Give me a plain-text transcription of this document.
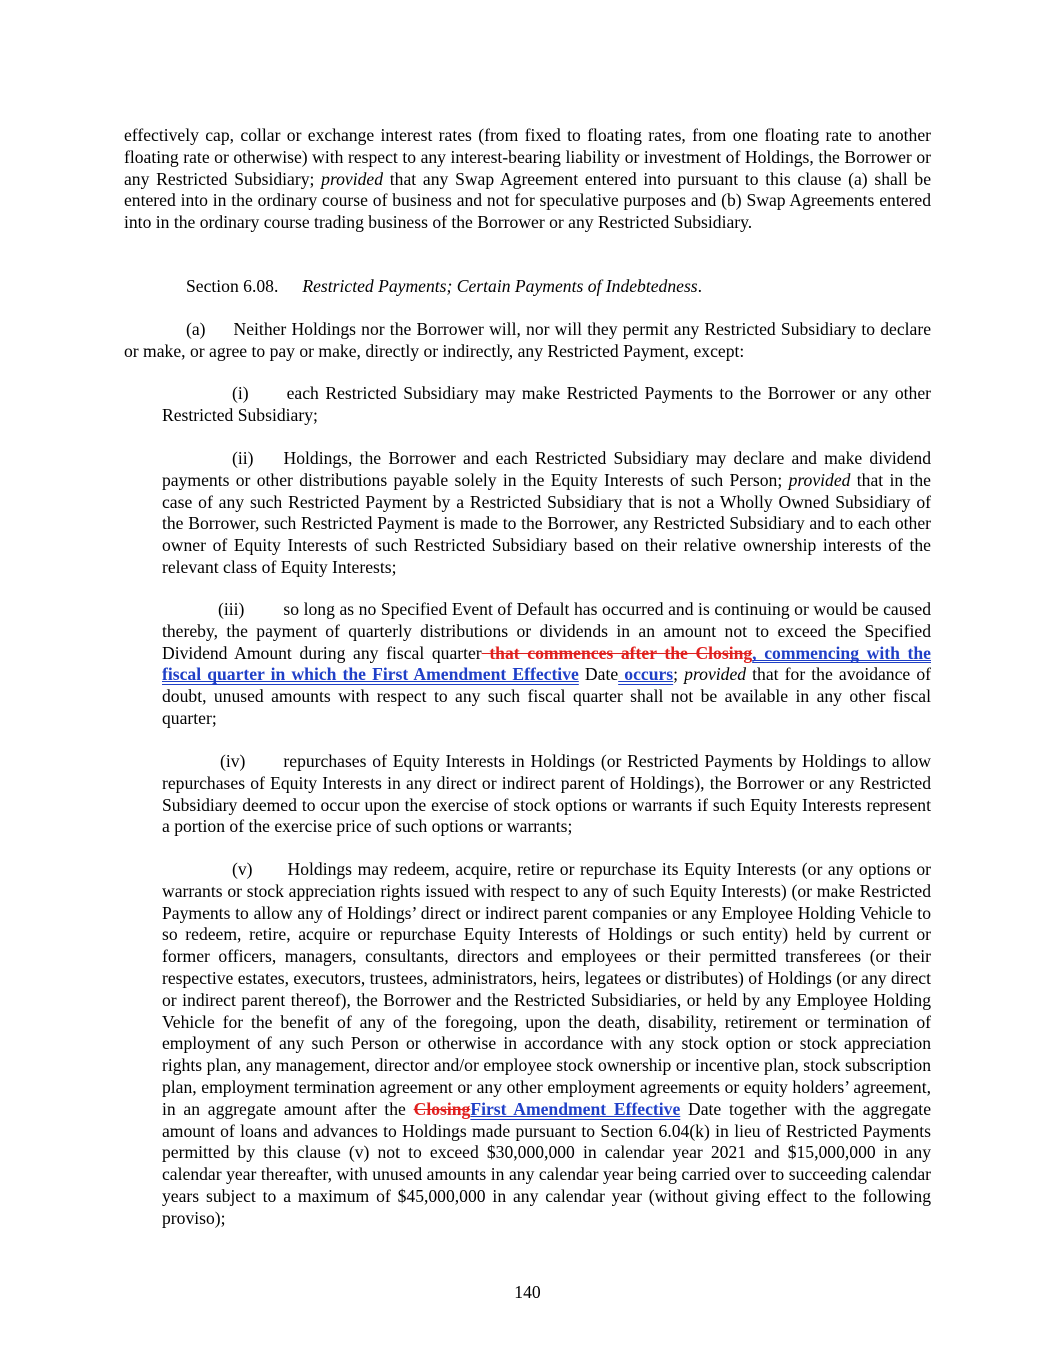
effectively cap, collar or exchange interest rates (from fixed to floating rates, from one floating rate to another floating rate or otherwise) with respect to any interest-bearing liability or investment of Holdings, the Borrower or any Restricted Subsidiary; provided that any Swap Agreement entered into pursuant to this clause (a) shall be entered into in the ordinary course of business and not for speculative purposes and (b) Swap Agreements entered into in the ordinary course trading business of the Borrower or any Restricted Subsidiary.

Section 6.08. Restricted Payments; Certain Payments of Indebtedness.

(a) Neither Holdings nor the Borrower will, nor will they permit any Restricted Subsidiary to declare or make, or agree to pay or make, directly or indirectly, any Restricted Payment, except:

(i) each Restricted Subsidiary may make Restricted Payments to the Borrower or any other Restricted Subsidiary;

(ii) Holdings, the Borrower and each Restricted Subsidiary may declare and make dividend payments or other distributions payable solely in the Equity Interests of such Person; provided that in the case of any such Restricted Payment by a Restricted Subsidiary that is not a Wholly Owned Subsidiary of the Borrower, such Restricted Payment is made to the Borrower, any Restricted Subsidiary and to each other owner of Equity Interests of such Restricted Subsidiary based on their relative ownership interests of the relevant class of Equity Interests;

(iii) so long as no Specified Event of Default has occurred and is continuing or would be caused thereby, the payment of quarterly distributions or dividends in an amount not to exceed the Specified Dividend Amount during any fiscal quarter that commences after the Closing, commencing with the fiscal quarter in which the First Amendment Effective Date occurs; provided that for the avoidance of doubt, unused amounts with respect to any such fiscal quarter shall not be available in any other fiscal quarter;

(iv) repurchases of Equity Interests in Holdings (or Restricted Payments by Holdings to allow repurchases of Equity Interests in any direct or indirect parent of Holdings), the Borrower or any Restricted Subsidiary deemed to occur upon the exercise of stock options or warrants if such Equity Interests represent a portion of the exercise price of such options or warrants;

(v) Holdings may redeem, acquire, retire or repurchase its Equity Interests (or any options or warrants or stock appreciation rights issued with respect to any of such Equity Interests) (or make Restricted Payments to allow any of Holdings’ direct or indirect parent companies or any Employee Holding Vehicle to so redeem, retire, acquire or repurchase Equity Interests of Holdings or such entity) held by current or former officers, managers, consultants, directors and employees or their permitted transferees (or their respective estates, executors, trustees, administrators, heirs, legatees or distributes) of Holdings (or any direct or indirect parent thereof), the Borrower and the Restricted Subsidiaries, or held by any Employee Holding Vehicle for the benefit of any of the foregoing, upon the death, disability, retirement or termination of employment of any such Person or otherwise in accordance with any stock option or stock appreciation rights plan, any management, director and/or employee stock ownership or incentive plan, stock subscription plan, employment termination agreement or any other employment agreements or equity holders’ agreement, in an aggregate amount after the ClosingFirst Amendment Effective Date together with the aggregate amount of loans and advances to Holdings made pursuant to Section 6.04(k) in lieu of Restricted Payments permitted by this clause (v) not to exceed $30,000,000 in calendar year 2021 and $15,000,000 in any calendar year thereafter, with unused amounts in any calendar year being carried over to succeeding calendar years subject to a maximum of $45,000,000 in any calendar year (without giving effect to the following proviso);

140
